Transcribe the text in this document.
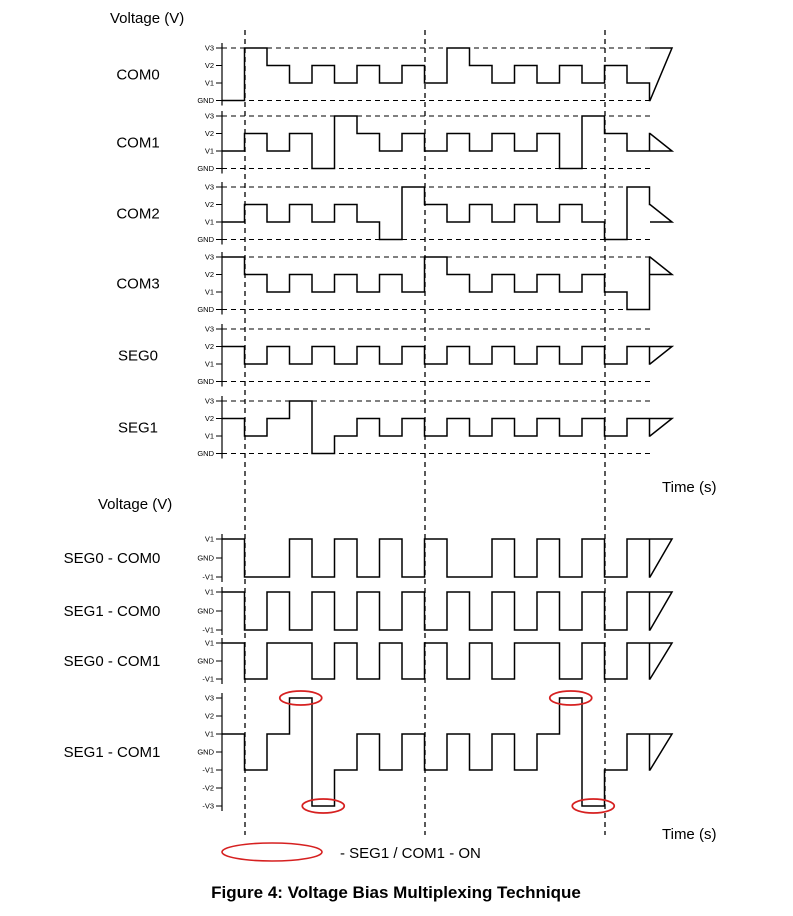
Voltage (V)
Time (s)
Voltage (V)
Time (s)
V3
V2
V1
GND
COM0
V3
V2
V1
GND
COM1
V3
V2
V1
GND
COM2
V3
V2
V1
GND
COM3
V3
V2
V1
GND
SEG0
V3
V2
V1
GND
SEG1
V1
GND
-V1
SEG0 - COM0
V1
GND
-V1
SEG1 - COM0
V1
GND
-V1
SEG0 - COM1
V3
V2
V1
GND
-V1
-V2
-V3
SEG1 - COM1
- SEG1 / COM1 - ON
Figure 4: Voltage Bias Multiplexing Technique
